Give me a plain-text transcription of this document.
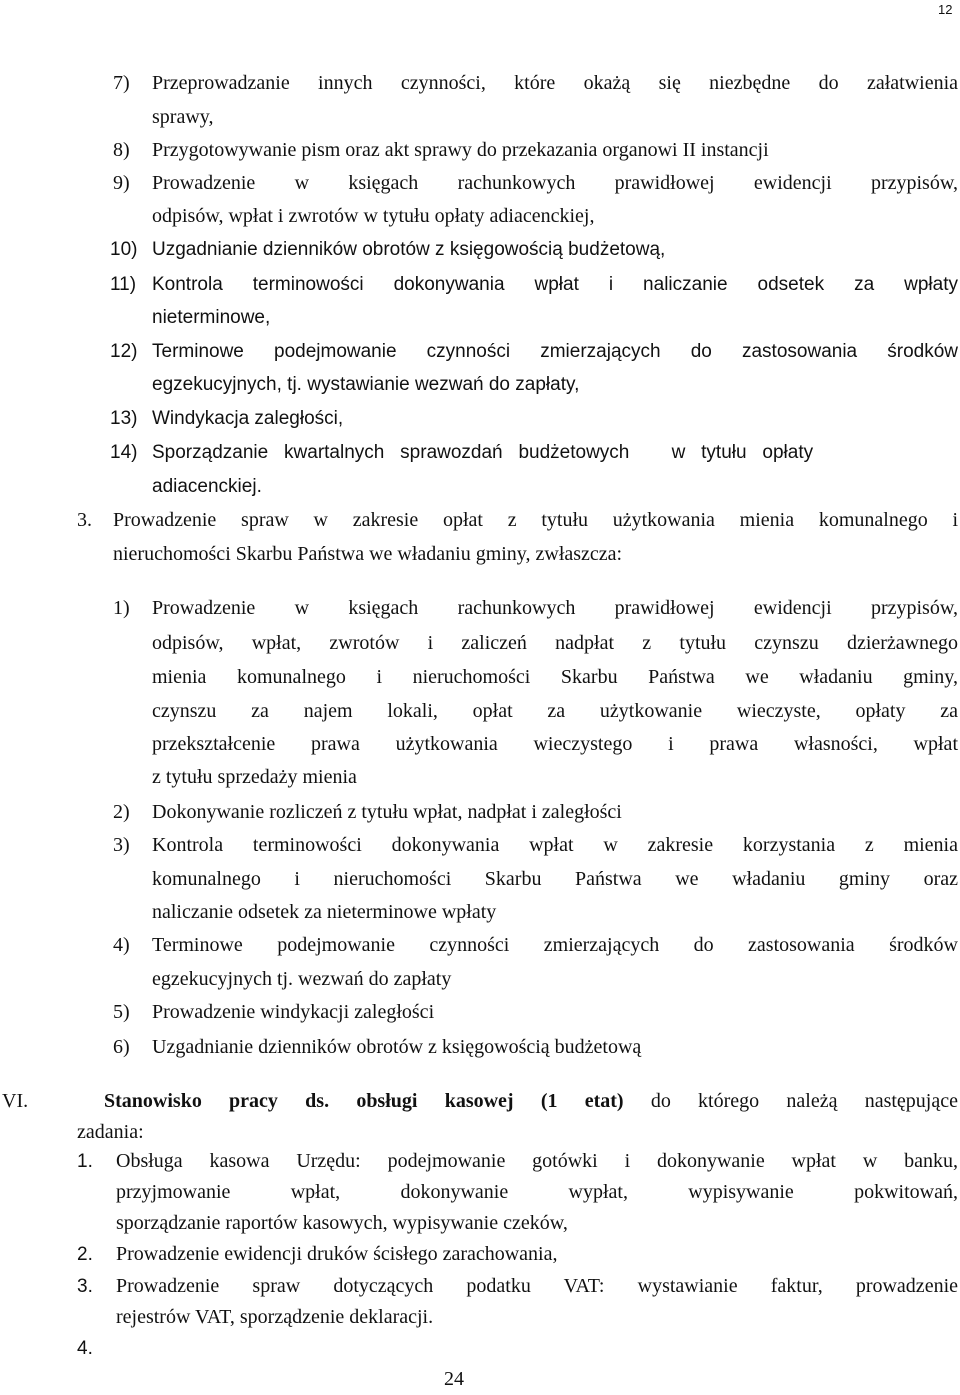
12
7) Przeprowadzanie innych czynności, które okażą się niezbędne do załatwienia
sprawy,
8) Przygotowywanie pism oraz akt sprawy do przekazania organowi II instancji
9) Prowadzenie w księgach rachunkowych prawidłowej ewidencji przypisów,
odpisów, wpłat i zwrotów w tytułu opłaty adiacenckiej,
10) Uzgadnianie dzienników obrotów z księgowością budżetową,
11) Kontrola terminowości dokonywania wpłat i naliczanie odsetek za wpłaty
nieterminowe,
12) Terminowe podejmowanie czynności zmierzających do zastosowania środków
egzekucyjnych, tj. wystawianie wezwań do zapłaty,
13) Windykacja zaległości,
14) Sporządzanie   kwartalnych   sprawozdań   budżetowych        w   tytułu   opłaty
adiacenckiej.
3. Prowadzenie spraw w zakresie opłat z tytułu użytkowania mienia komunalnego i
nieruchomości Skarbu Państwa we władaniu gminy, zwłaszcza:
1) Prowadzenie w księgach rachunkowych prawidłowej ewidencji przypisów,
odpisów, wpłat, zwrotów i zaliczeń nadpłat z tytułu czynszu dzierżawnego
mienia komunalnego i nieruchomości Skarbu Państwa we władaniu gminy,
czynszu za najem lokali, opłat za użytkowanie wieczyste, opłaty za
przekształcenie prawa użytkowania wieczystego i prawa własności, wpłat
z tytułu sprzedaży mienia
2) Dokonywanie rozliczeń z tytułu wpłat, nadpłat i zaległości
3) Kontrola terminowości dokonywania wpłat w zakresie korzystania z mienia
komunalnego i nieruchomości Skarbu Państwa we władaniu gminy oraz
naliczanie odsetek za nieterminowe wpłaty
4) Terminowe podejmowanie czynności zmierzających do zastosowania środków
egzekucyjnych tj. wezwań do zapłaty
5) Prowadzenie windykacji zaległości
6) Uzgadnianie dzienników obrotów z księgowością budżetową
VI.	Stanowisko pracy ds. obsługi kasowej (1 etat) do którego należą następujące
zadania:
1. Obsługa kasowa Urzędu: podejmowanie gotówki i dokonywanie wpłat w banku,
przyjmowanie wpłat, dokonywanie wypłat, wypisywanie pokwitowań,
sporządzanie raportów kasowych, wypisywanie czeków,
2. Prowadzenie ewidencji druków ścisłego zarachowania,
3. Prowadzenie spraw dotyczących podatku VAT: wystawianie faktur, prowadzenie
rejestrów VAT, sporządzenie deklaracji.
4.
24
